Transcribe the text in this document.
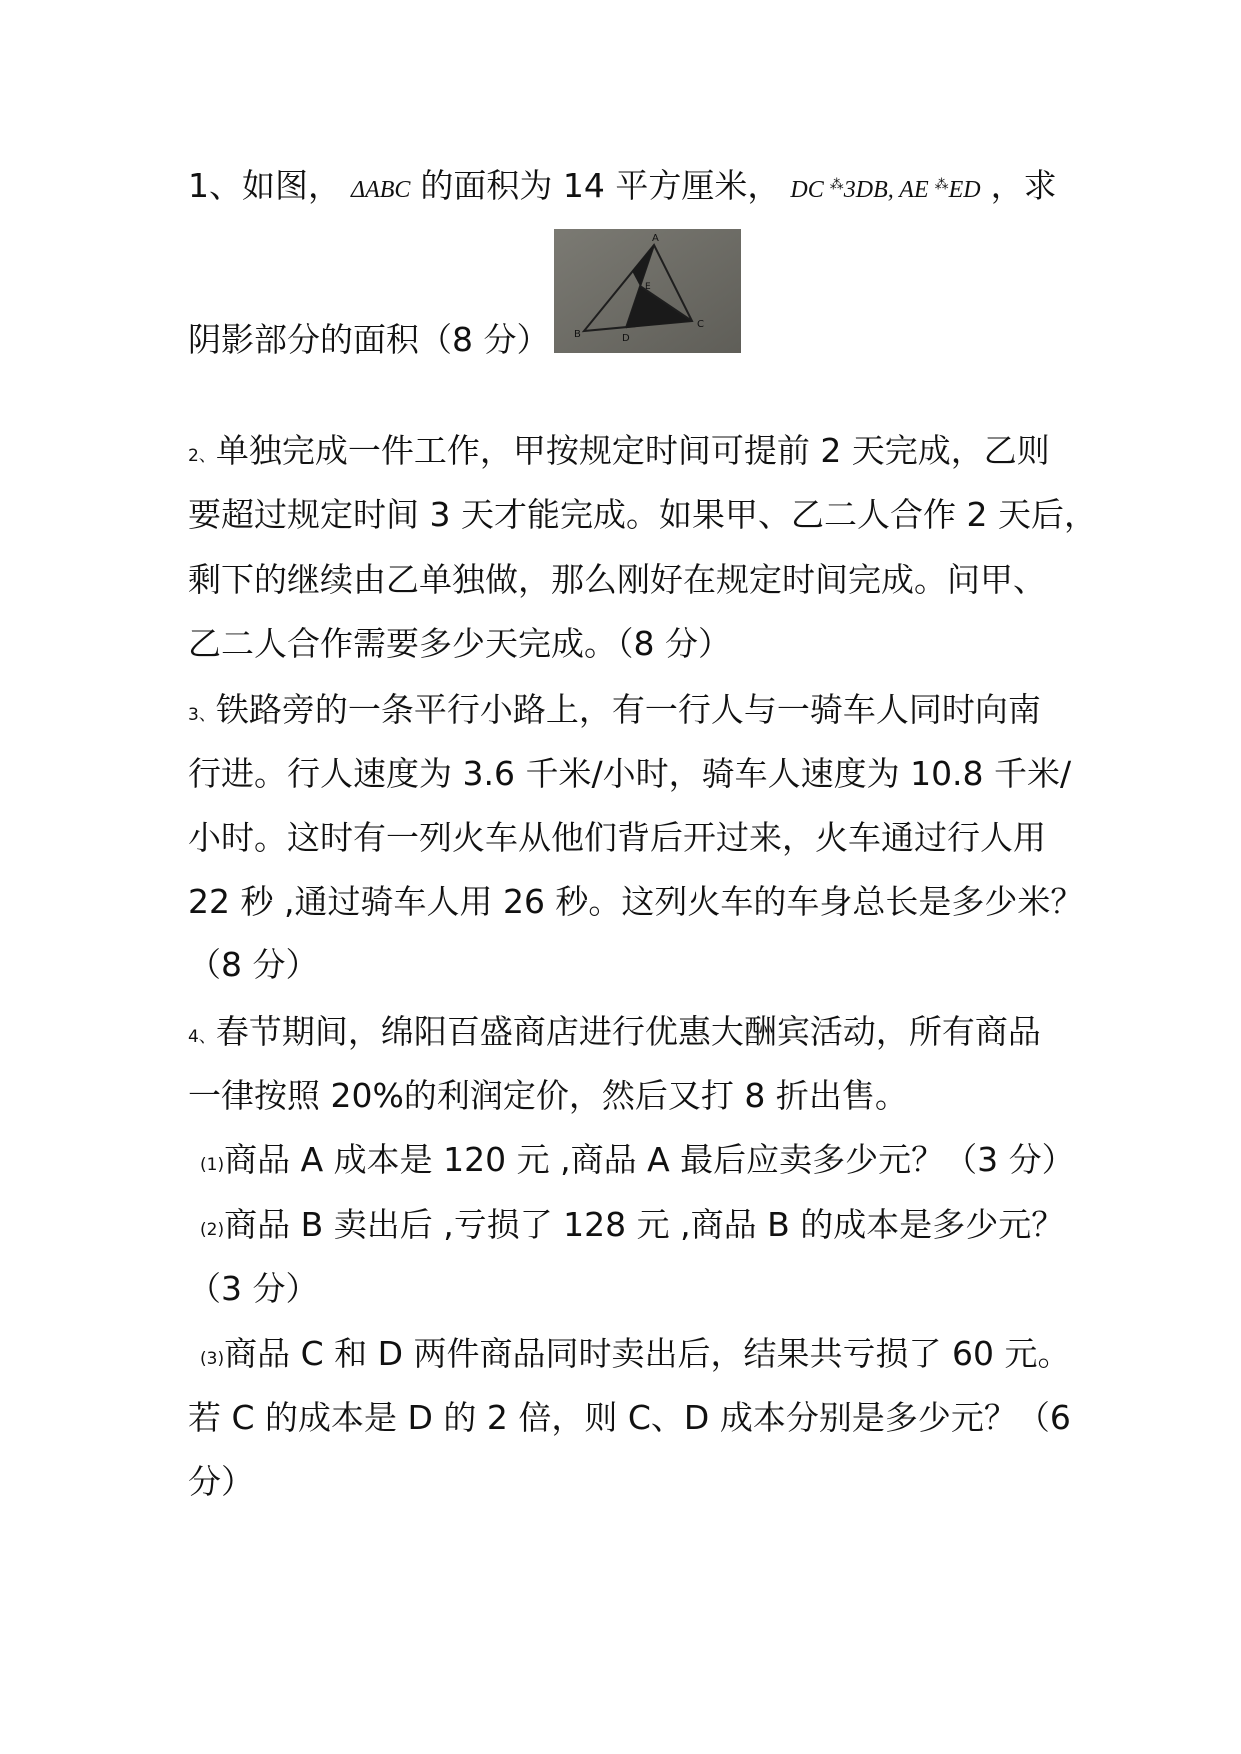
1、如图， ΔABC 的面积为 14 平方厘米， DC ⁂3DB, AE ⁂ED ，求
A
B
C
D
E
阴影部分的面积（8 分）
2、单独完成一件工作，甲按规定时间可提前 2 天完成，乙则
要超过规定时间 3 天才能完成。如果甲、乙二人合作 2 天后，
剩下的继续由乙单独做，那么刚好在规定时间完成。问甲、
乙二人合作需要多少天完成。（8 分）
3、铁路旁的一条平行小路上，有一行人与一骑车人同时向南
行进。行人速度为 3.6 千米/小时，骑车人速度为 10.8 千米/
小时。这时有一列火车从他们背后开过来，火车通过行人用
22 秒 ,通过骑车人用 26 秒。这列火车的车身总长是多少米？
（8 分）
4、春节期间，绵阳百盛商店进行优惠大酬宾活动，所有商品
一律按照 20%的利润定价，然后又打 8 折出售。
(1)商品 A 成本是 120 元 ,商品 A 最后应卖多少元？（3 分）
(2)商品 B 卖出后 ,亏损了 128 元 ,商品 B 的成本是多少元？
（3 分）
(3)商品 C 和 D 两件商品同时卖出后，结果共亏损了 60 元。
若 C 的成本是 D 的 2 倍，则 C、D 成本分别是多少元？（6
分）
